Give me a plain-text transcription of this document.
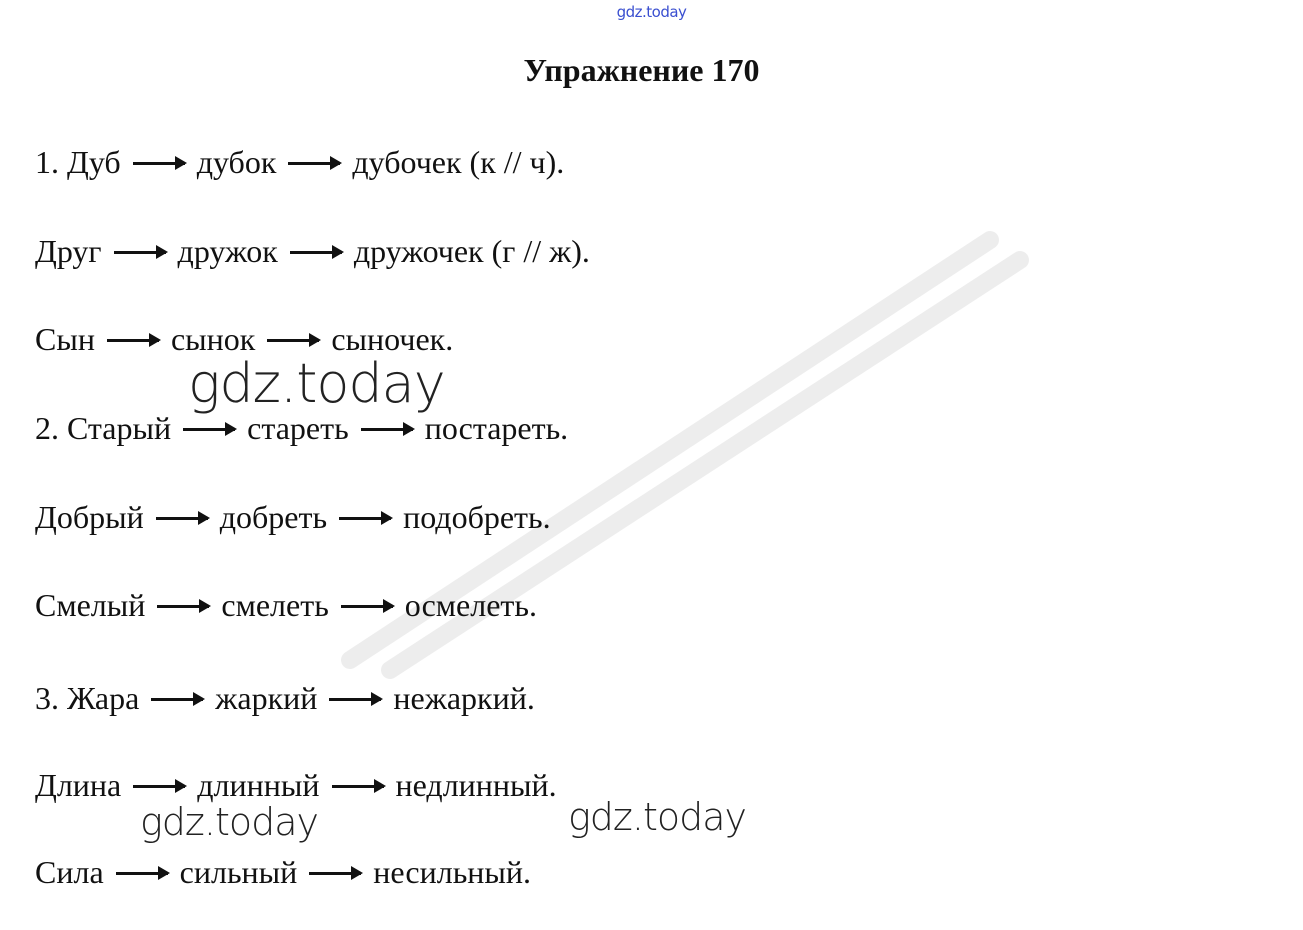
gdz.today
Упражнение 170
1. Дуб дубок дубочек (к // ч).
Друг дружок дружочек (г // ж).
Сын сынок сыночек.
2. Старый стареть постареть.
Добрый добреть подобреть.
Смелый смелеть осмелеть.
3. Жара жаркий нежаркий.
Длина длинный недлинный.
Сила сильный несильный.
gdz.today
gdz.today	gdz.today
